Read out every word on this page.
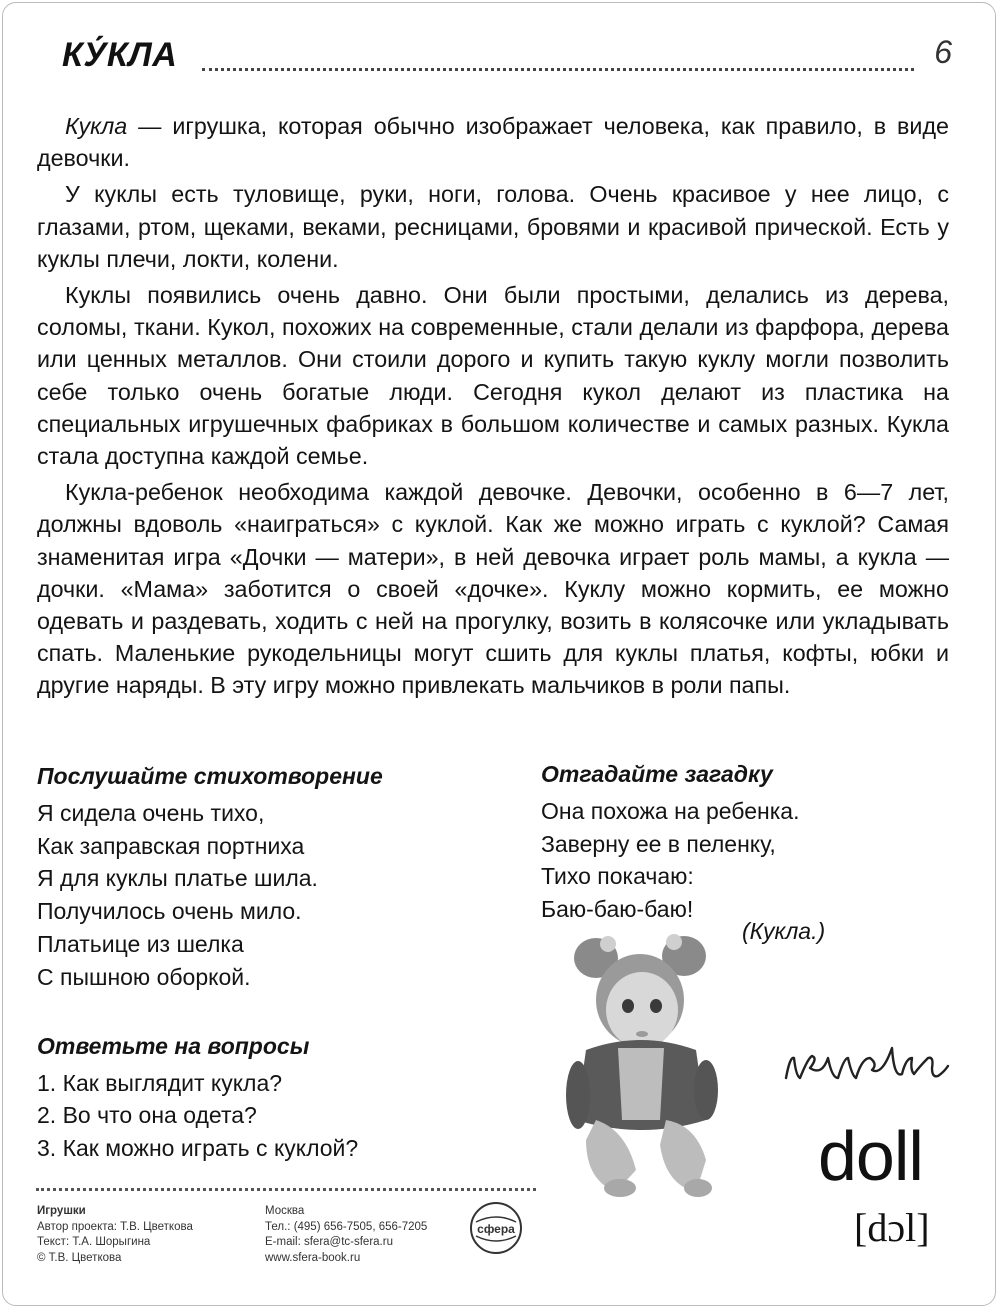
КУ́КЛА	6

Кукла — игрушка, которая обычно изображает человека, как правило, в виде девочки.

У куклы есть туловище, руки, ноги, голова. Очень красивое у нее лицо, с глазами, ртом, щеками, веками, ресницами, бровями и красивой прической. Есть у куклы плечи, локти, колени.

Куклы появились очень давно. Они были простыми, делались из дерева, соломы, ткани. Кукол, похожих на современные, стали делали из фарфора, дерева или ценных металлов. Они стоили дорого и купить такую куклу могли позволить себе только очень богатые люди. Сегодня кукол делают из пластика на специальных игрушечных фабриках в большом количестве и самых разных. Кукла стала доступна каждой семье.

Кукла-ребенок необходима каждой девочке. Девочки, особенно в 6—7 лет, должны вдоволь «наиграться» с куклой. Как же можно играть с куклой? Самая знаменитая игра «Дочки — матери», в ней девочка играет роль мамы, а кукла — дочки. «Мама» заботится о своей «дочке». Куклу можно кормить, ее можно одевать и раздевать, ходить с ней на прогулку, возить в колясочке или укладывать спать. Маленькие рукодельницы могут сшить для куклы платья, кофты, юбки и другие наряды. В эту игру можно привлекать мальчиков в роли папы.

Послушайте стихотворение
Я сидела очень тихо,
Как заправская портниха
Я для куклы платье шила.
Получилось очень мило.
Платьице из шелка
С пышною оборкой.
Отгадайте загадку
Она похожа на ребенка.
Заверну ее в пеленку,
Тихо покачаю:
Баю-баю-баю!
(Кукла.)
doll
[dɔl]
Ответьте на вопросы
1. Как выглядит кукла?
2. Во что она одета?
3. Как можно играть с куклой?
Игрушки
Автор проекта: Т.В. Цветкова
Текст: Т.А. Шорыгина
© Т.В. Цветкова
Москва
Тел.: (495) 656-7505, 656-7205
E-mail: sfera@tc-sfera.ru
www.sfera-book.ru
сфера
